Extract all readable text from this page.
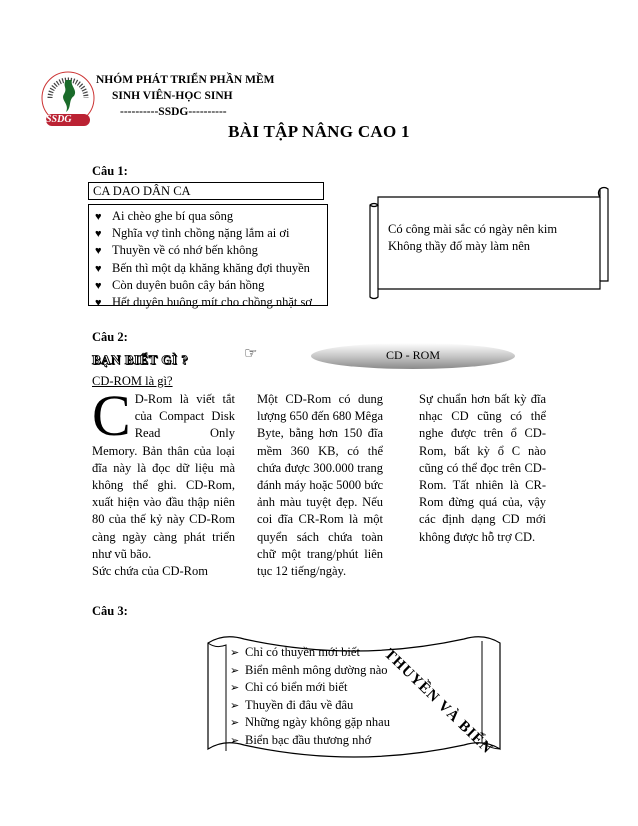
SSDG
NHÓM PHÁT TRIỂN PHẦN MỀM
SINH VIÊN-HỌC SINH
----------SSDG----------
BÀI TẬP NÂNG CAO 1
Câu 1:
CA DAO DÂN CA
♥ Ai chèo ghe bí qua sông
♥ Nghĩa vợ tình chồng nặng lắm ai ơi
♥ Thuyền về có nhớ bến không
♥ Bến thì một dạ khăng khăng đợi thuyền
♥ Còn duyên buôn cây bán hồng
♥ Hết duyên buông mít cho chồng nhặt sơ
Có công mài sắc có ngày nên kim
Không thầy đố mày làm nên
Câu 2:
BẠN BIẾT GÌ ?	☞	CD - ROM
CD-ROM là gì?
C D-Rom là viết tắt của Compact Disk Read Only Memory. Bản thân của loại đĩa này là đọc dữ liệu mà không thể ghi. CD-Rom, xuất hiện vào đầu thập niên 80 của thế kỷ này CD-Rom càng ngày càng phát triển như vũ bão.
Sức chứa của CD-Rom
Một CD-Rom có dung lượng 650 đến 680 Mêga Byte, bằng hơn 150 đĩa mềm 360 KB, có thể chứa được 300.000 trang đánh máy hoặc 5000 bức ảnh màu tuyệt đẹp. Nếu coi đĩa CR-Rom là một quyển sách chứa toàn chữ một trang/phút liên tục 12 tiếng/ngày.
Sự chuẩn hơn bất kỳ đĩa nhạc CD cũng có thể nghe được trên ổ CD-Rom, bất kỳ ổ C nào cũng có thể đọc trên CD-Rom. Tất nhiên là CR-Rom đừng quá của, vậy các định dạng CD mới không được hỗ trợ CD.
Câu 3:
➢ Chỉ có thuyền mới biết
➢ Biển mênh mông dường nào
➢ Chỉ có biển mới biết
➢ Thuyền đi đâu về đâu
➢ Những ngày không gặp nhau
➢ Biển bạc đầu thương nhớ THUYỀN VÀ BIỂN
